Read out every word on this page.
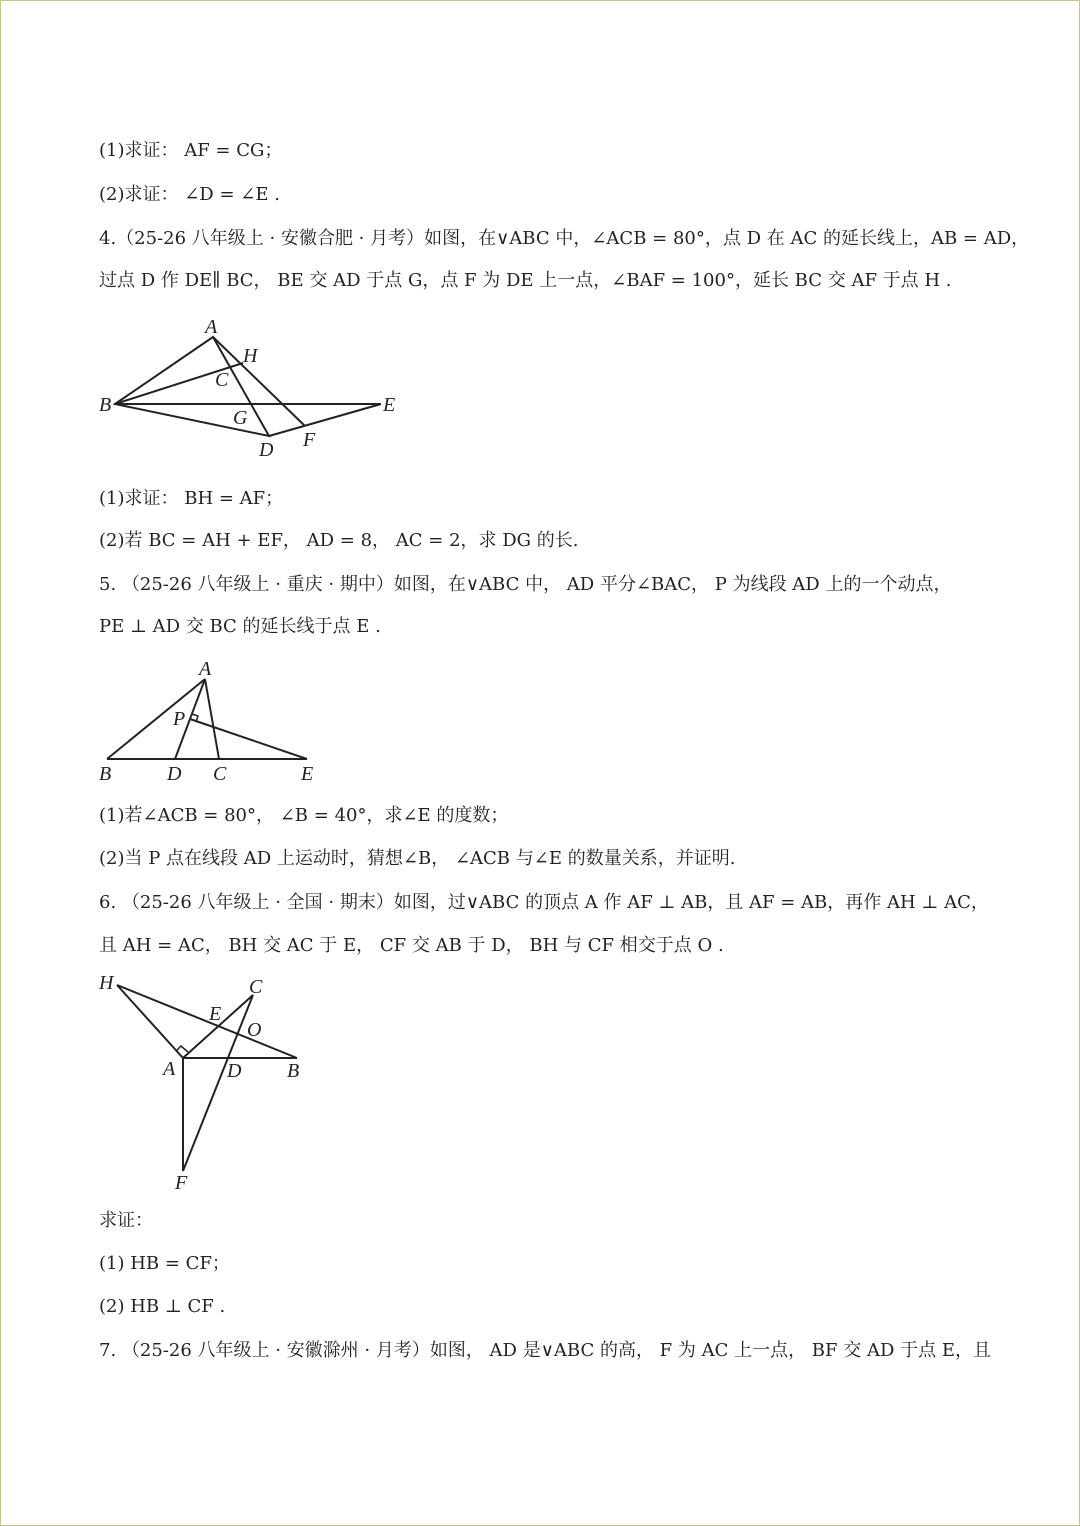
(1)求证： AF = CG；
(2)求证： ∠D = ∠E .
4.（25-26 八年级上 · 安徽合肥 · 月考）如图，在∨ABC 中，∠ACB = 80°，点 D 在 AC 的延长线上，AB = AD，
过点 D 作 DE∥ BC， BE 交 AD 于点 G，点 F 为 DE 上一点，∠BAF = 100°，延长 BC 交 AF 于点 H .
A
H
C
B
G
E
D F
(1)求证： BH = AF；
(2)若 BC = AH + EF， AD = 8， AC = 2，求 DG 的长.
5. （25-26 八年级上 · 重庆 · 期中）如图，在∨ABC 中， AD 平分∠BAC， P 为线段 AD 上的一个动点，
PE ⊥ AD 交 BC 的延长线于点 E .
A
P
B	D C	E
(1)若∠ACB = 80°， ∠B = 40°，求∠E 的度数；
(2)当 P 点在线段 AD 上运动时，猜想∠B， ∠ACB 与∠E 的数量关系，并证明.
6. （25-26 八年级上 · 全国 · 期末）如图，过∨ABC 的顶点 A 作 AF ⊥ AB，且 AF = AB，再作 AH ⊥ AC，
且 AH = AC， BH 交 AC 于 E， CF 交 AB 于 D， BH 与 CF 相交于点 O .
H	C
E
O
A	D B
F
求证：
(1) HB = CF；
(2) HB ⊥ CF .
7. （25-26 八年级上 · 安徽滁州 · 月考）如图， AD 是∨ABC 的高， F 为 AC 上一点， BF 交 AD 于点 E，且
